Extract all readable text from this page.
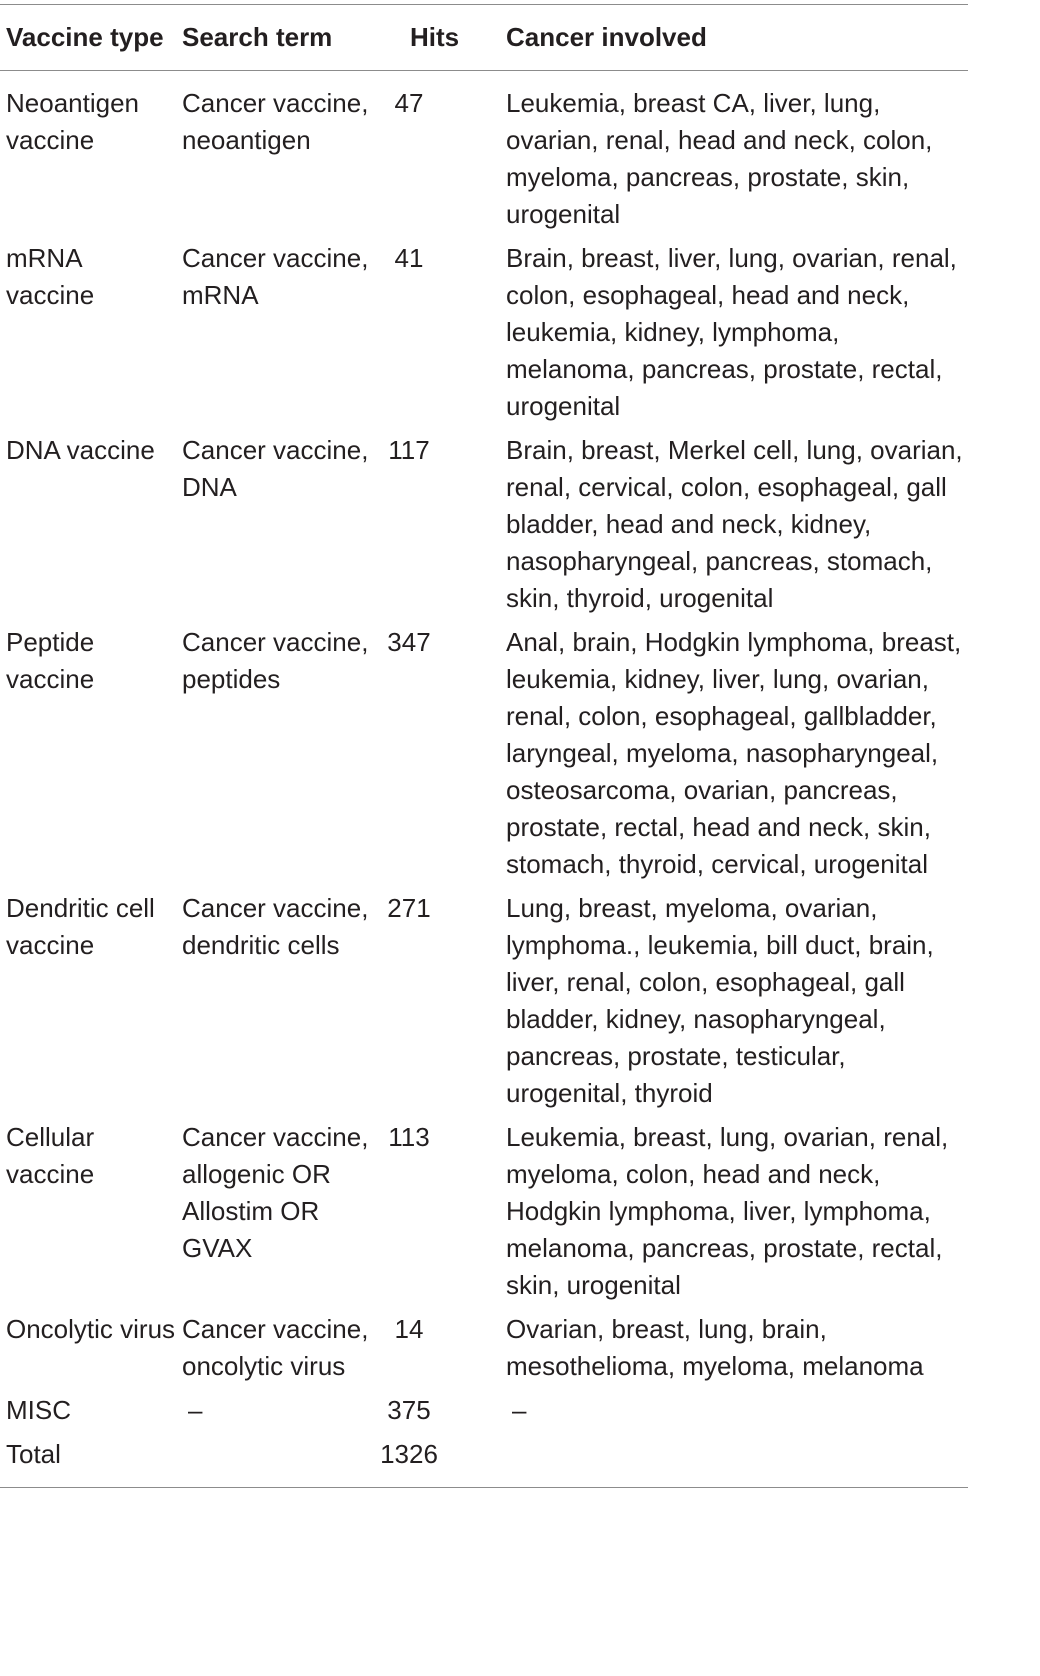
Vaccine type	Search term	Hits	Cancer involved
Neoantigen vaccine	Cancer vaccine, neoantigen	47	Leukemia, breast CA, liver, lung, ovarian, renal, head and neck, colon, myeloma, pancreas, prostate, skin, urogenital
mRNA vaccine	Cancer vaccine, mRNA	41	Brain, breast, liver, lung, ovarian, renal, colon, esophageal, head and neck, leukemia, kidney, lymphoma, melanoma, pancreas, prostate, rectal, urogenital
DNA vaccine	Cancer vaccine, DNA	117	Brain, breast, Merkel cell, lung, ovarian, renal, cervical, colon, esophageal, gall bladder, head and neck, kidney, nasopharyngeal, pancreas, stomach, skin, thyroid, urogenital
Peptide vaccine	Cancer vaccine, peptides	347	Anal, brain, Hodgkin lymphoma, breast, leukemia, kidney, liver, lung, ovarian, renal, colon, esophageal, gallbladder, laryngeal, myeloma, nasopharyngeal, osteosarcoma, ovarian, pancreas, prostate, rectal, head and neck, skin, stomach, thyroid, cervical, urogenital
Dendritic cell vaccine	Cancer vaccine, dendritic cells	271	Lung, breast, myeloma, ovarian, lymphoma., leukemia, bill duct, brain, liver, renal, colon, esophageal, gall bladder, kidney, nasopharyngeal, pancreas, prostate, testicular, urogenital, thyroid
Cellular vaccine	Cancer vaccine, allogenic OR Allostim OR GVAX	113	Leukemia, breast, lung, ovarian, renal, myeloma, colon, head and neck, Hodgkin lymphoma, liver, lymphoma, melanoma, pancreas, prostate, rectal, skin, urogenital
Oncolytic virus	Cancer vaccine, oncolytic virus	14	Ovarian, breast, lung, brain, mesothelioma, myeloma, melanoma
MISC	–	375	–
Total		1326	
